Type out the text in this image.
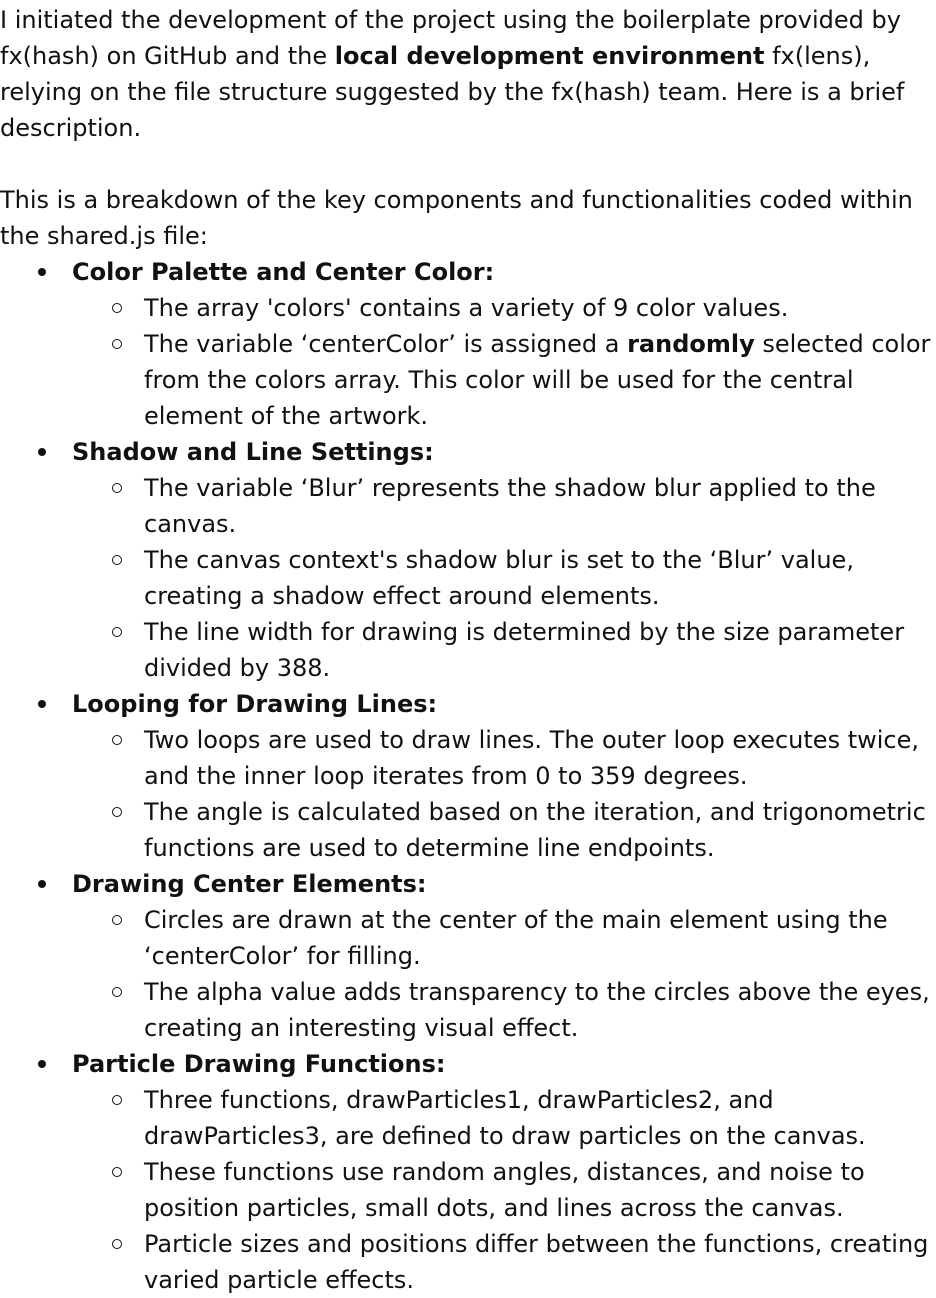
I initiated the development of the project using the boilerplate provided by fx(hash) on GitHub and the local development environment fx(lens), relying on the file structure suggested by the fx(hash) team. Here is a brief description.

This is a breakdown of the key components and functionalities coded within the shared.js file:

Color Palette and Center Color:
The array 'colors' contains a variety of 9 color values.
The variable ‘centerColor’ is assigned a randomly selected color from the colors array. This color will be used for the central element of the artwork.
Shadow and Line Settings:
The variable ‘Blur’ represents the shadow blur applied to the canvas.
The canvas context's shadow blur is set to the ‘Blur’ value, creating a shadow effect around elements.
The line width for drawing is determined by the size parameter divided by 388.
Looping for Drawing Lines:
Two loops are used to draw lines. The outer loop executes twice, and the inner loop iterates from 0 to 359 degrees.
The angle is calculated based on the iteration, and trigonometric functions are used to determine line endpoints.
Drawing Center Elements:
Circles are drawn at the center of the main element using the ‘centerColor’ for filling.
The alpha value adds transparency to the circles above the eyes, creating an interesting visual effect.
Particle Drawing Functions:
Three functions, drawParticles1, drawParticles2, and drawParticles3, are defined to draw particles on the canvas.
These functions use random angles, distances, and noise to position particles, small dots, and lines across the canvas.
Particle sizes and positions differ between the functions, creating varied particle effects.
